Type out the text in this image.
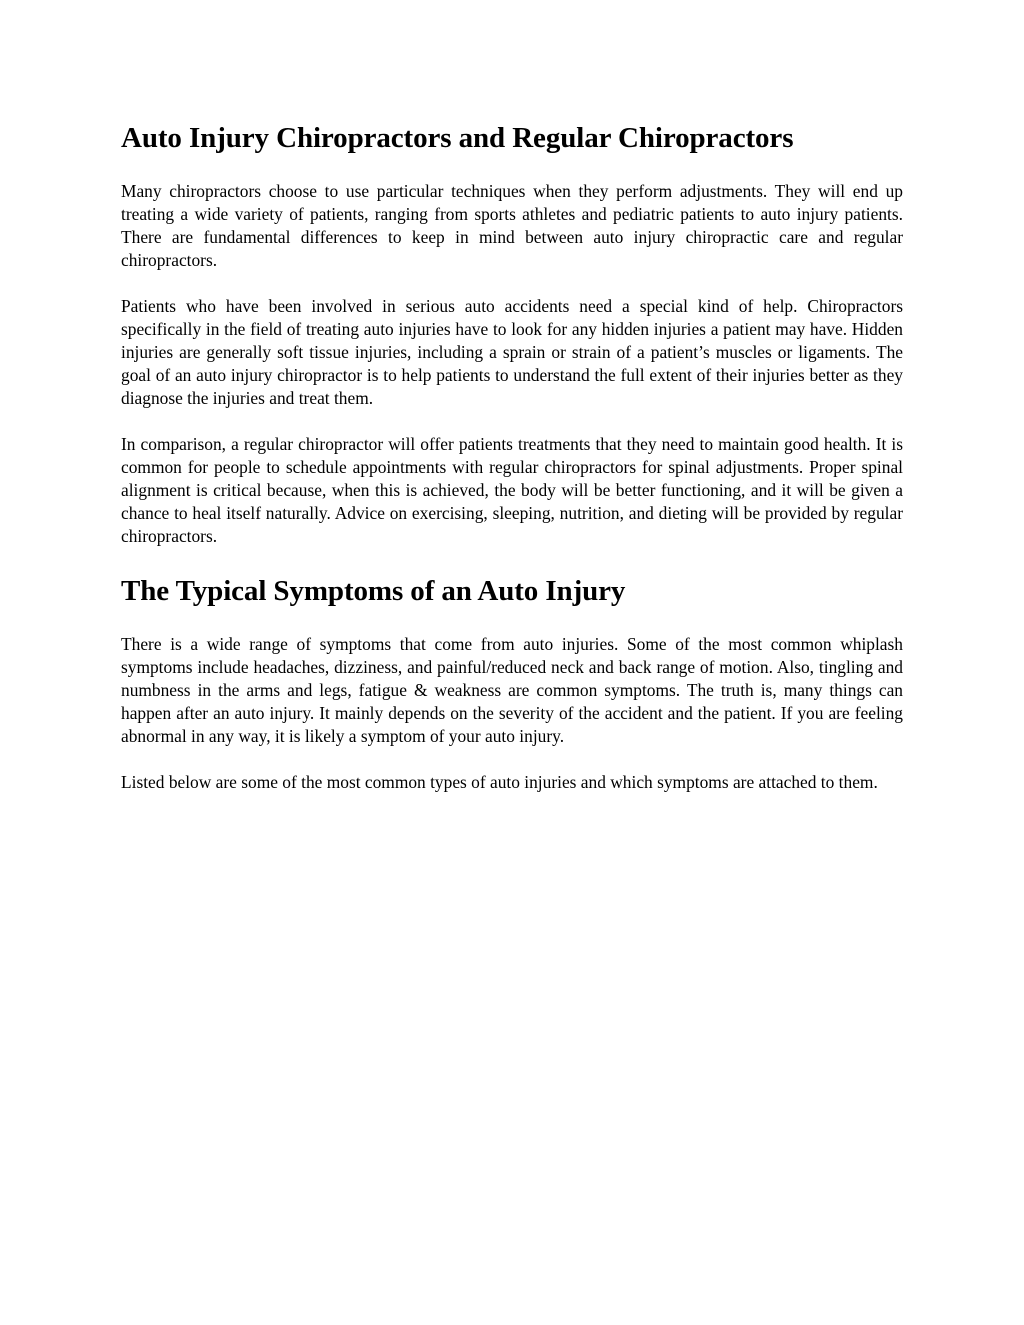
Auto Injury Chiropractors and Regular Chiropractors

Many chiropractors choose to use particular techniques when they perform adjustments. They will end up treating a wide variety of patients, ranging from sports athletes and pediatric patients to auto injury patients. There are fundamental differences to keep in mind between auto injury chiropractic care and regular chiropractors.

Patients who have been involved in serious auto accidents need a special kind of help. Chiropractors specifically in the field of treating auto injuries have to look for any hidden injuries a patient may have. Hidden injuries are generally soft tissue injuries, including a sprain or strain of a patient’s muscles or ligaments. The goal of an auto injury chiropractor is to help patients to understand the full extent of their injuries better as they diagnose the injuries and treat them.

In comparison, a regular chiropractor will offer patients treatments that they need to maintain good health. It is common for people to schedule appointments with regular chiropractors for spinal adjustments. Proper spinal alignment is critical because, when this is achieved, the body will be better functioning, and it will be given a chance to heal itself naturally. Advice on exercising, sleeping, nutrition, and dieting will be provided by regular chiropractors.

The Typical Symptoms of an Auto Injury

There is a wide range of symptoms that come from auto injuries. Some of the most common whiplash symptoms include headaches, dizziness, and painful/reduced neck and back range of motion. Also, tingling and numbness in the arms and legs, fatigue & weakness are common symptoms. The truth is, many things can happen after an auto injury. It mainly depends on the severity of the accident and the patient. If you are feeling abnormal in any way, it is likely a symptom of your auto injury.

Listed below are some of the most common types of auto injuries and which symptoms are attached to them.
